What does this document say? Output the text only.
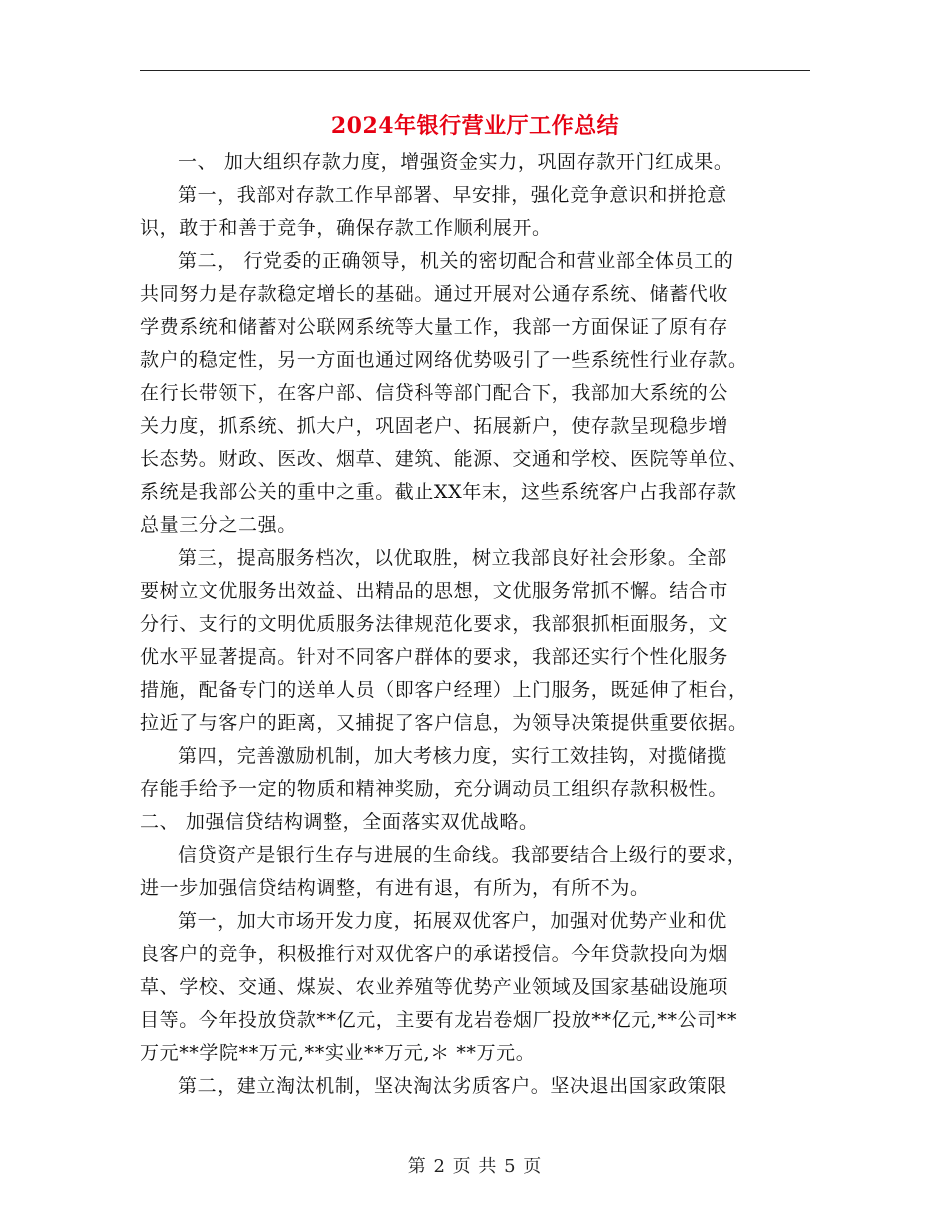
2024年银行营业厅工作总结

一、 加大组织存款力度，增强资金实力，巩固存款开门红成果。

第一，我部对存款工作早部署、早安排，强化竞争意识和拼抢意
识，敢于和善于竞争，确保存款工作顺利展开。

第二， 行党委的正确领导，机关的密切配合和营业部全体员工的
共同努力是存款稳定增长的基础。通过开展对公通存系统、储蓄代收
学费系统和储蓄对公联网系统等大量工作，我部一方面保证了原有存
款户的稳定性，另一方面也通过网络优势吸引了一些系统性行业存款。
在行长带领下，在客户部、信贷科等部门配合下，我部加大系统的公
关力度，抓系统、抓大户，巩固老户、拓展新户，使存款呈现稳步增
长态势。财政、医改、烟草、建筑、能源、交通和学校、医院等单位、
系统是我部公关的重中之重。截止XX年末，这些系统客户占我部存款
总量三分之二强。

第三，提高服务档次，以优取胜，树立我部良好社会形象。全部
要树立文优服务出效益、出精品的思想，文优服务常抓不懈。结合市
分行、支行的文明优质服务法律规范化要求，我部狠抓柜面服务，文
优水平显著提高。针对不同客户群体的要求，我部还实行个性化服务
措施，配备专门的送单人员（即客户经理）上门服务，既延伸了柜台，
拉近了与客户的距离，又捕捉了客户信息，为领导决策提供重要依据。

第四，完善激励机制，加大考核力度，实行工效挂钩，对揽储揽
存能手给予一定的物质和精神奖励，充分调动员工组织存款积极性。

二、 加强信贷结构调整，全面落实双优战略。

信贷资产是银行生存与进展的生命线。我部要结合上级行的要求，
进一步加强信贷结构调整，有进有退，有所为，有所不为。

第一，加大市场开发力度，拓展双优客户，加强对优势产业和优
良客户的竞争，积极推行对双优客户的承诺授信。今年贷款投向为烟
草、学校、交通、煤炭、农业养殖等优势产业领域及国家基础设施项
目等。今年投放贷款**亿元，主要有龙岩卷烟厂投放**亿元,**公司**
万元**学院**万元,**实业**万元,＊ **万元。

第二，建立淘汰机制，坚决淘汰劣质客户。坚决退出国家政策限

第 2 页 共 5 页
